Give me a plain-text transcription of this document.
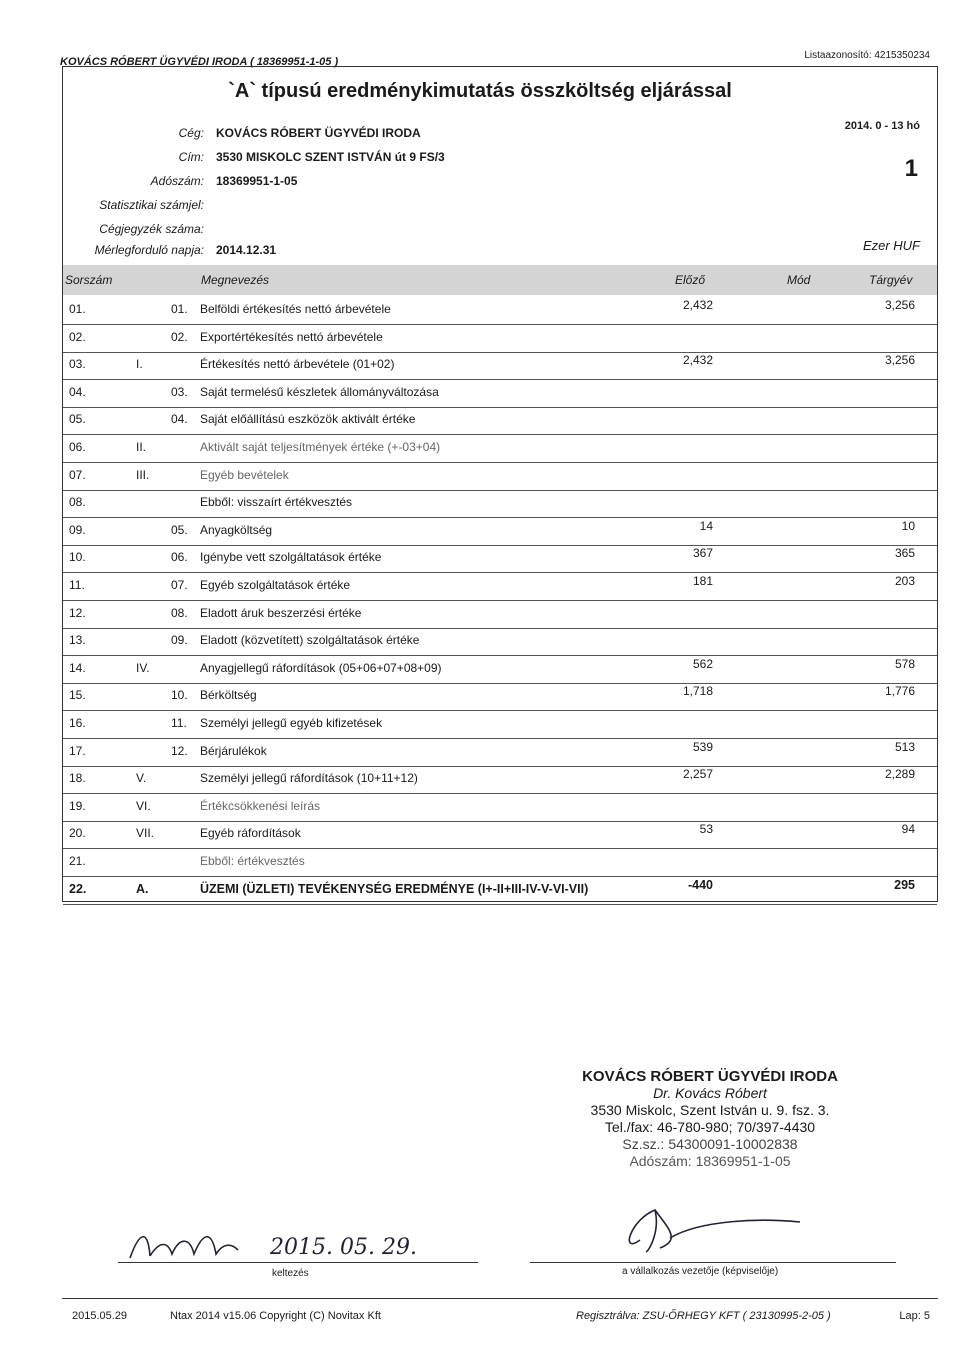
KOVÁCS RÓBERT ÜGYVÉDI IRODA ( 18369951-1-05 )
Listaazonosító: 4215350234
`A` típusú eredménykimutatás összköltség eljárással
Cég: KOVÁCS RÓBERT ÜGYVÉDI IRODA
Cím: 3530 MISKOLC SZENT ISTVÁN út 9 FS/3
Adószám: 18369951-1-05
Statisztikai számjel:
Cégjegyzék száma:
Mérlegforduló napja: 2014.12.31
2014. 0 - 13 hó
1
Ezer HUF
Sorszám	Megnevezés	Előző	Mód	Tárgyév
01.	01. Belföldi értékesítés nettó árbevétele	2,432	3,256
02.	02. Exportértékesítés nettó árbevétele
03.	I.	Értékesítés nettó árbevétele (01+02)	2,432	3,256
04.	03. Saját termelésű készletek állományváltozása
05.	04. Saját előállítású eszközök aktivált értéke
06.	II.	Aktivált saját teljesítmények értéke (+-03+04)
07.	III.	Egyéb bevételek
08.	Ebből: visszaírt értékvesztés
09.	05. Anyagköltség	14	10
10.	06. Igénybe vett szolgáltatások értéke	367	365
11.	07. Egyéb szolgáltatások értéke	181	203
12.	08. Eladott áruk beszerzési értéke
13.	09. Eladott (közvetített) szolgáltatások értéke
14.	IV.	Anyagjellegű ráfordítások (05+06+07+08+09)	562	578
15.	10. Bérköltség	1,718	1,776
16.	11. Személyi jellegű egyéb kifizetések
17.	12. Bérjárulékok	539	513
18.	V.	Személyi jellegű ráfordítások (10+11+12)	2,257	2,289
19.	VI.	Értékcsökkenési leírás
20.	VII.	Egyéb ráfordítások	53	94
21.	Ebből: értékvesztés
22.	A.	ÜZEMI (ÜZLETI) TEVÉKENYSÉG EREDMÉNYE (I+-II+III-IV-V-VI-VII)	-440	295
KOVÁCS RÓBERT ÜGYVÉDI IRODA
Dr. Kovács Róbert
3530 Miskolc, Szent István u. 9. fsz. 3.
Tel./fax: 46-780-980; 70/397-4430
Sz.sz.: 54300091-10002838
Adószám: 18369951-1-05
2015. 05. 29.
keltezés	a vállalkozás vezetője (képviselője)
2015.05.29	Ntax 2014 v15.06 Copyright (C) Novitax Kft	Regisztrálva: ZSU-ŐRHEGY KFT ( 23130995-2-05 )	Lap: 5
